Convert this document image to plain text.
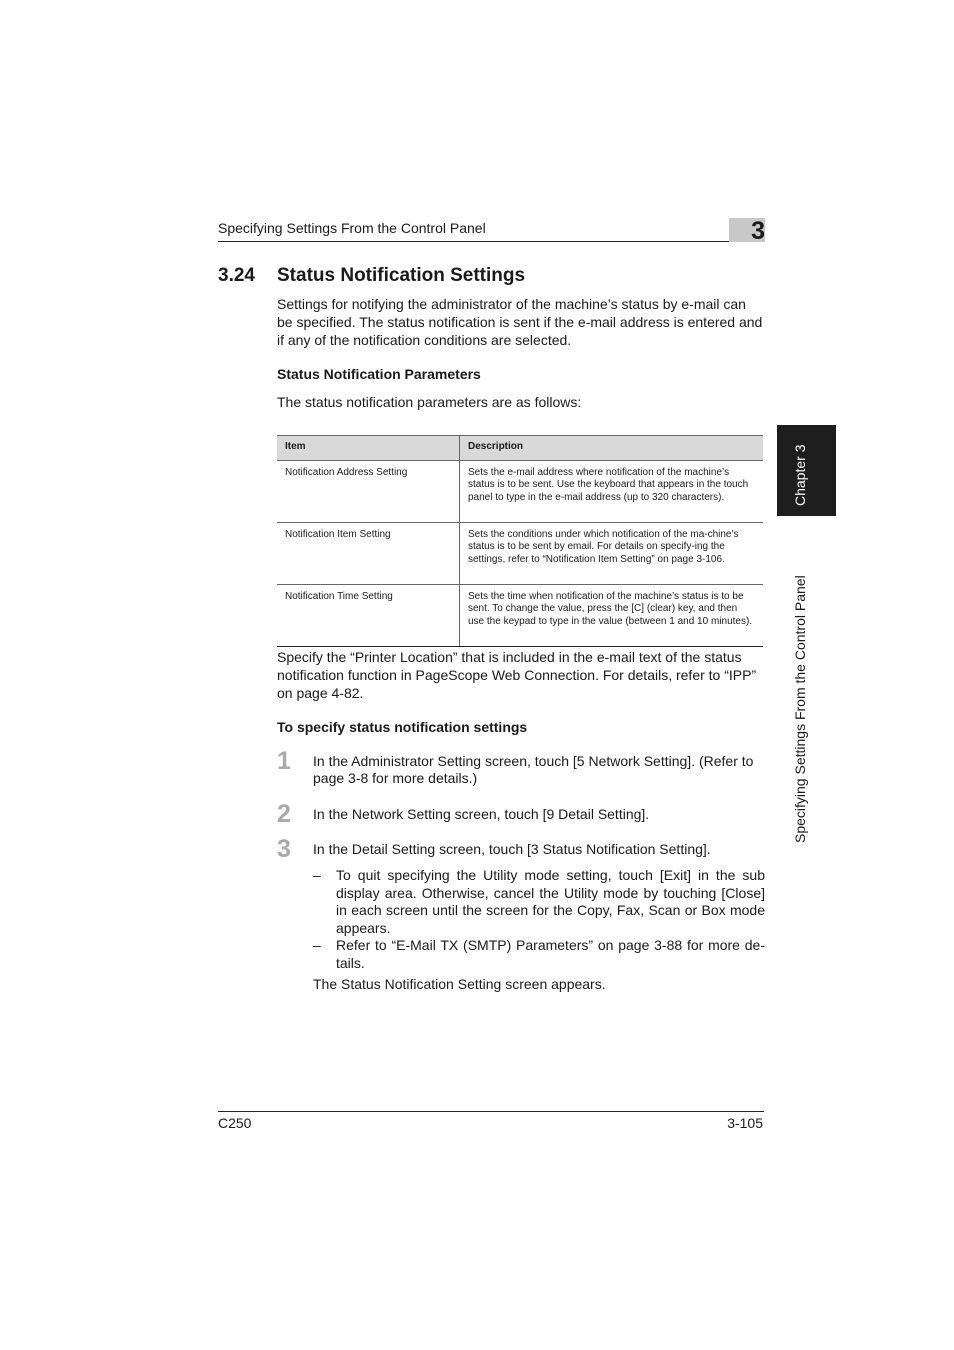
Specifying Settings From the Control Panel	3
Chapter 3
Specifying Settings From the Control Panel
3.24 Status Notification Settings
Settings for notifying the administrator of the machine’s status by e-mail can be specified. The status notification is sent if the e-mail address is entered and if any of the notification conditions are selected.
Status Notification Parameters
The status notification parameters are as follows:
Item	Description
Notification Address Setting	Sets the e-mail address where notification of the machine’s status is to be sent. Use the keyboard that appears in the touch panel to type in the e-mail address (up to 320 characters).
Notification Item Setting	Sets the conditions under which notification of the ma-chine’s status is to be sent by email. For details on specify-ing the settings, refer to “Notification Item Setting” on page 3-106.
Notification Time Setting	Sets the time when notification of the machine’s status is to be sent. To change the value, press the [C] (clear) key, and then use the keypad to type in the value (between 1 and 10 minutes).
Specify the “Printer Location” that is included in the e-mail text of the status notification function in PageScope Web Connection. For details, refer to “IPP” on page 4-82.
To specify status notification settings
1 In the Administrator Setting screen, touch [5 Network Setting]. (Refer to page 3-8 for more details.)
2 In the Network Setting screen, touch [9 Detail Setting].
3 In the Detail Setting screen, touch [3 Status Notification Setting].
– To quit specifying the Utility mode setting, touch [Exit] in the sub display area. Otherwise, cancel the Utility mode by touching [Close] in each screen until the screen for the Copy, Fax, Scan or Box mode appears.
– Refer to “E-Mail TX (SMTP) Parameters” on page 3-88 for more de-tails.
The Status Notification Setting screen appears.
C250	3-105
